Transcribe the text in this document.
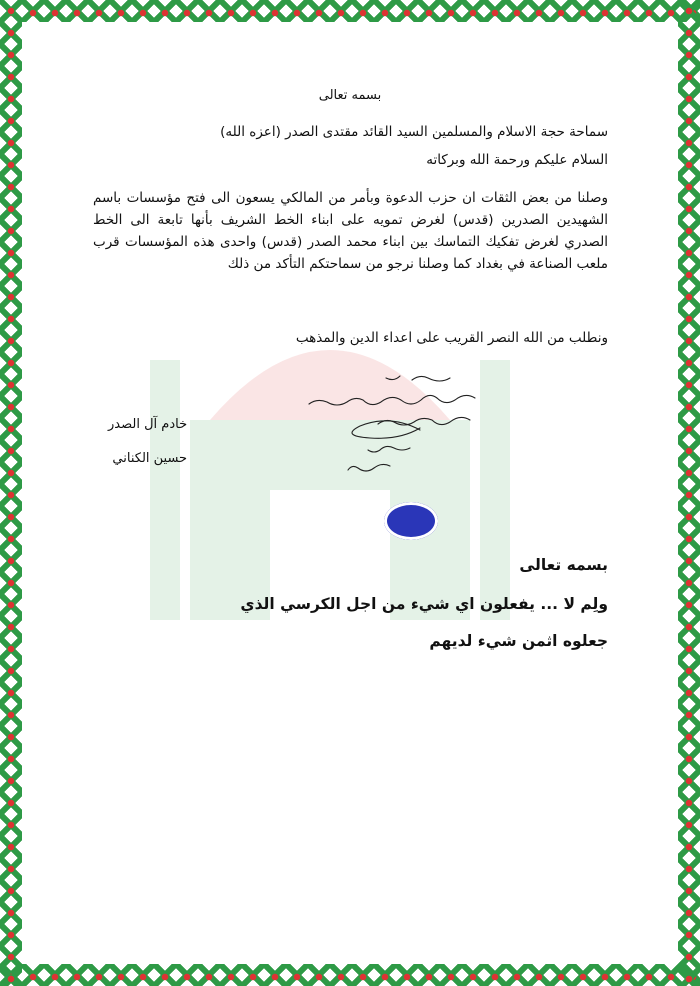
بسمه تعالى
سماحة حجة الاسلام والمسلمين السيد القائد مقتدى الصدر (اعزه الله)
السلام عليكم ورحمة الله وبركاته
وصلنا من بعض الثقات ان حزب الدعوة وبأمر من المالكي يسعون الى فتح مؤسسات باسم الشهيدين الصدرين (قدس) لغرض تمويه على ابناء الخط الشريف بأنها تابعة الى الخط الصدري لغرض تفكيك التماسك بين ابناء محمد الصدر (قدس) واحدى هذه المؤسسات قرب ملعب الصناعة في بغداد كما وصلنا نرجو من سماحتكم التأكد من ذلك
ونطلب من الله النصر القريب على اعداء الدين والمذهب
خادم آل الصدر
حسين الكناني
بسمه تعالى
ولِم لا ... يفعلون اي شيء من اجل الكرسي الذي
جعلوه اثمن شيء لديهم
